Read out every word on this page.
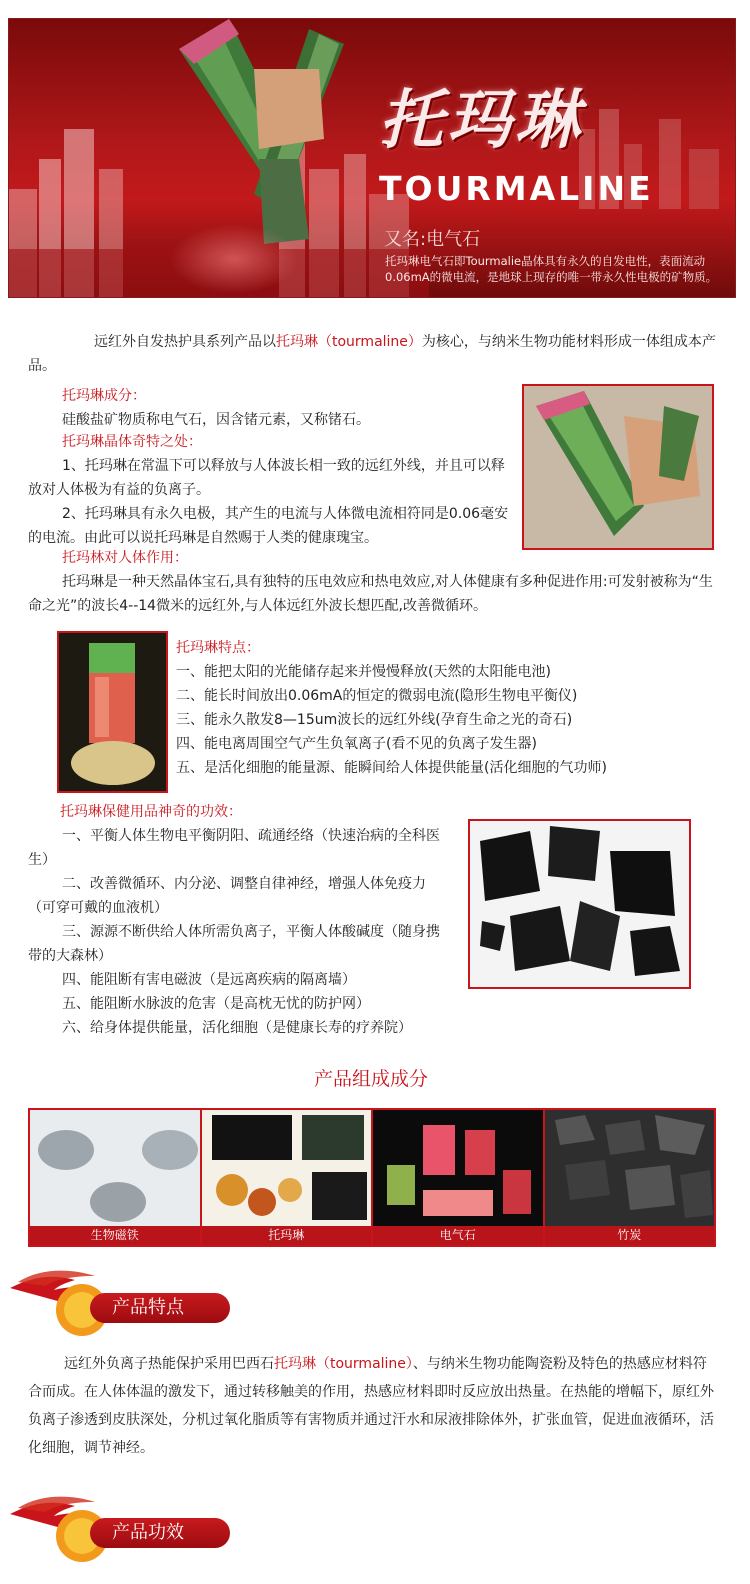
托玛琳
TOURMALINE
又名:电气石
托玛琳电气石即Tourmalie晶体具有永久的自发电性，表面流动0.06mA的微电流，是地球上现存的唯一带永久性电极的矿物质。
远红外自发热护具系列产品以托玛琳（tourmaline）为核心，与纳米生物功能材料形成一体组成本产品。
托玛琳成分：
硅酸盐矿物质称电气石，因含锗元素，又称锗石。
托玛琳晶体奇特之处：
1、托玛琳在常温下可以释放与人体波长相一致的远红外线，并且可以释放对人体极为有益的负离子。
2、托玛琳具有永久电极，其产生的电流与人体微电流相符同是0.06毫安的电流。由此可以说托玛琳是自然赐于人类的健康瑰宝。
托玛林对人体作用：
托玛琳是一种天然晶体宝石,具有独特的压电效应和热电效应,对人体健康有多种促进作用:可发射被称为“生命之光”的波长4--14微米的远红外,与人体远红外波长想匹配,改善微循环。
托玛琳特点：
一、能把太阳的光能储存起来并慢慢释放(天然的太阳能电池)
二、能长时间放出0.06mA的恒定的微弱电流(隐形生物电平衡仪)
三、能永久散发8—15um波长的远红外线(孕育生命之光的奇石)
四、能电离周围空气产生负氧离子(看不见的负离子发生器)
五、是活化细胞的能量源、能瞬间给人体提供能量(活化细胞的气功师)
托玛琳保健用品神奇的功效：
一、平衡人体生物电平衡阴阳、疏通经络（快速治病的全科医生）
二、改善微循环、内分泌、调整自律神经，增强人体免疫力（可穿可戴的血液机）
三、源源不断供给人体所需负离子，平衡人体酸碱度（随身携带的大森林）
四、能阻断有害电磁波（是远离疾病的隔离墙）
五、能阻断水脉波的危害（是高枕无忧的防护网）
六、给身体提供能量，活化细胞（是健康长寿的疗养院）
产品组成成分
生物磁铁	托玛琳	电气石	竹炭
产品特点
远红外负离子热能保护采用巴西石托玛琳（tourmaline）、与纳米生物功能陶瓷粉及特色的热感应材料符合而成。在人体体温的激发下，通过转移触美的作用，热感应材料即时反应放出热量。在热能的增幅下，原红外负离子渗透到皮肤深处，分机过氧化脂质等有害物质并通过汗水和尿液排除体外，扩张血管，促进血液循环，活化细胞，调节神经。
产品功效
